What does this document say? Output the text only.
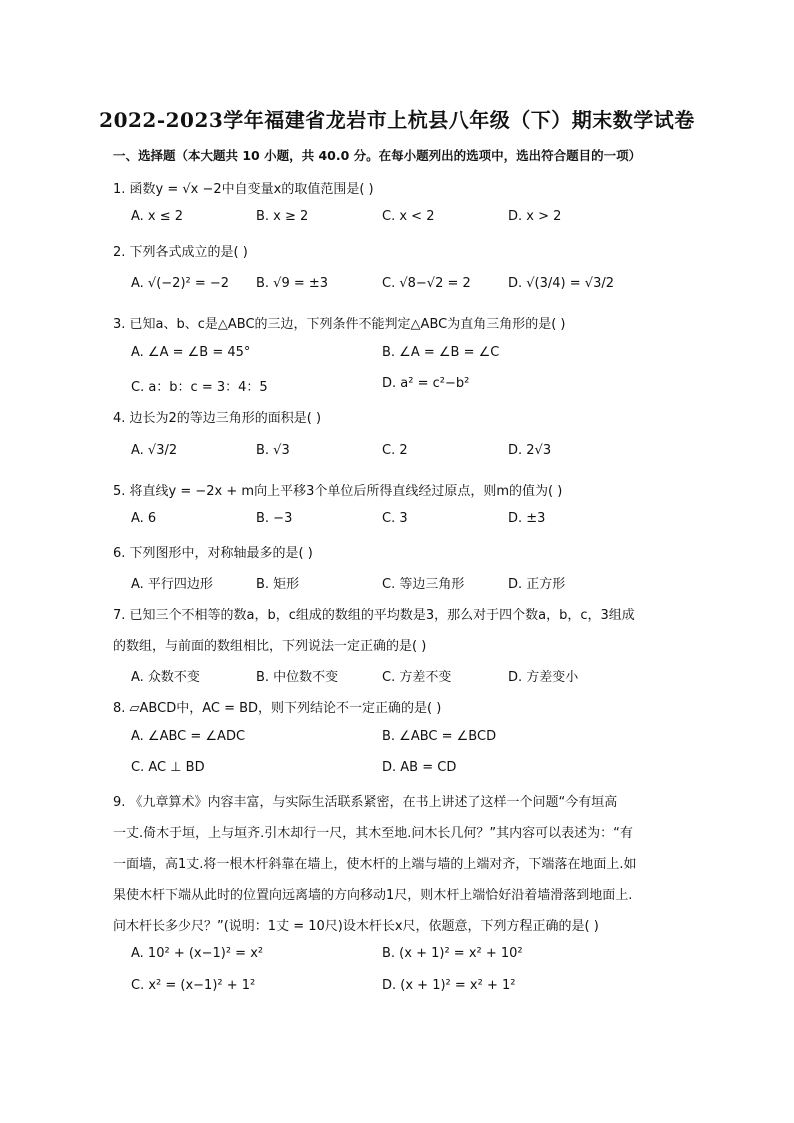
2022-2023学年福建省龙岩市上杭县八年级（下）期末数学试卷
一、选择题（本大题共 10 小题，共 40.0 分。在每小题列出的选项中，选出符合题目的一项）
1. 函数y = √x −2中自变量x的取值范围是( )
A. x ≤ 2	B. x ≥ 2	C. x < 2	D. x > 2
2. 下列各式成立的是( )
A. √(−2)² = −2 B. √9 = ±3	C. √8−√2 = 2	D. √(3/4) = √3/2
3. 已知a、b、c是△ABC的三边，下列条件不能判定△ABC为直角三角形的是( )
A. ∠A = ∠B = 45°	B. ∠A = ∠B = ∠C
C. a：b：c = 3：4：5	D. a² = c²−b²
4. 边长为2的等边三角形的面积是( )
A. √3/2	B. √3	C. 2	D. 2√3
5. 将直线y = −2x + m向上平移3个单位后所得直线经过原点，则m的值为( )
A. 6	B. −3	C. 3	D. ±3
6. 下列图形中，对称轴最多的是( )
A. 平行四边形	B. 矩形	C. 等边三角形	D. 正方形
7. 已知三个不相等的数a，b，c组成的数组的平均数是3，那么对于四个数a，b，c，3组成
的数组，与前面的数组相比，下列说法一定正确的是( )
A. 众数不变	B. 中位数不变	C. 方差不变	D. 方差变小
8. ▱ABCD中，AC = BD，则下列结论不一定正确的是( )
A. ∠ABC = ∠ADC	B. ∠ABC = ∠BCD
C. AC ⊥ BD	D. AB = CD
9. 《九章算术》内容丰富，与实际生活联系紧密，在书上讲述了这样一个问题“今有垣高
一丈.倚木于垣，上与垣齐.引木却行一尺，其木至地.问木长几何？”其内容可以表述为：“有
一面墙，高1丈.将一根木杆斜靠在墙上，使木杆的上端与墙的上端对齐，下端落在地面上.如
果使木杆下端从此时的位置向远离墙的方向移动1尺，则木杆上端恰好沿着墙滑落到地面上.
问木杆长多少尺？”(说明：1丈 = 10尺)设木杆长x尺，依题意，下列方程正确的是( )
A. 10² + (x−1)² = x²	B. (x + 1)² = x² + 10²
C. x² = (x−1)² + 1²	D. (x + 1)² = x² + 1²
